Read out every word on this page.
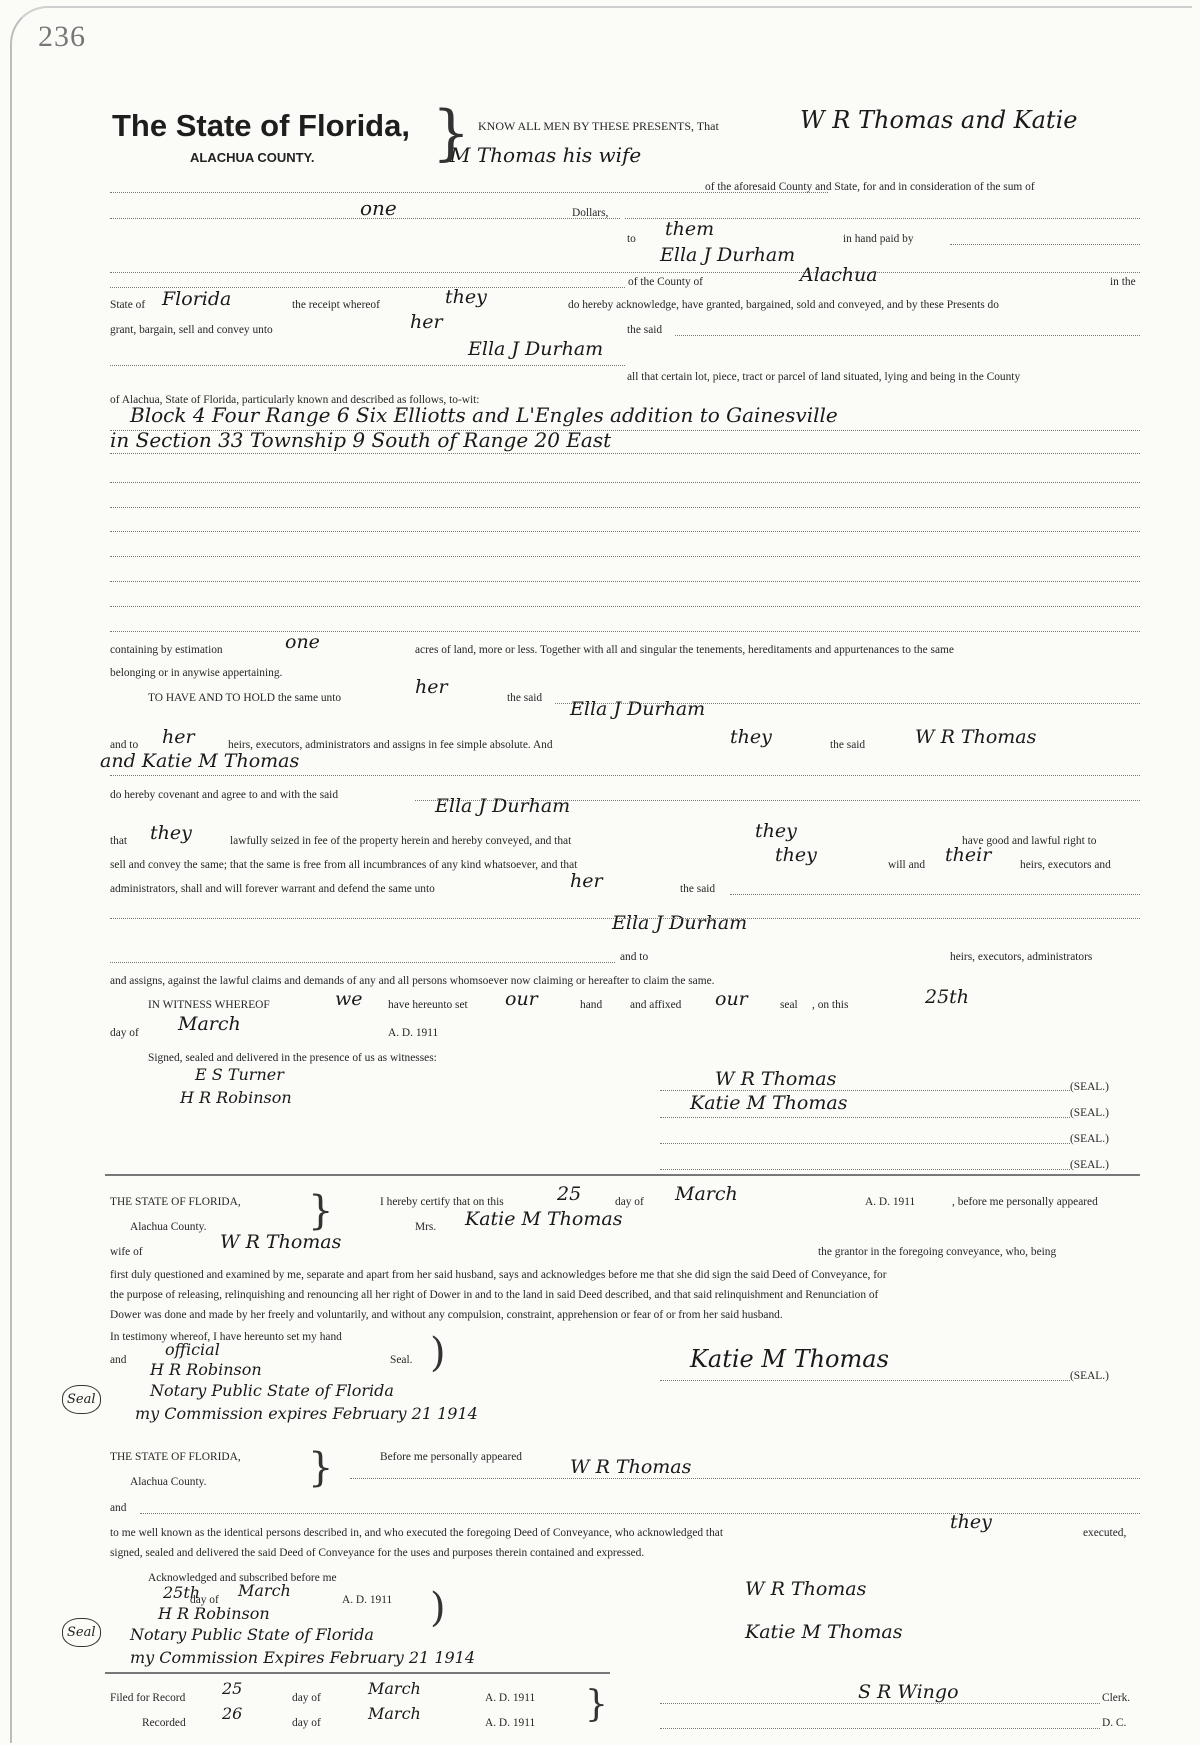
236
The State of Florida,
ALACHUA COUNTY. } KNOW ALL MEN BY THESE PRESENTS, That	W R Thomas and Katie
M Thomas his wife
of the aforesaid County and State, for and in consideration of the sum of
one	Dollars,
to them	in hand paid by
Ella J Durham
of the County of	Alachua	in the
State of Florida	the receipt whereof	they	do hereby acknowledge, have granted, bargained, sold and conveyed, and by these Presents do
grant, bargain, sell and convey unto	her	the said
Ella J Durham
all that certain lot, piece, tract or parcel of land situated, lying and being in the County
of Alachua, State of Florida, particularly known and described as follows, to-wit:
Block 4 Four Range 6 Six Elliotts and L'Engles addition to Gainesville
in Section 33 Township 9 South of Range 20 East
containing by estimation	one	acres of land, more or less. Together with all and singular the tenements, hereditaments and appurtenances to the same
belonging or in anywise appertaining.
TO HAVE AND TO HOLD the same unto	her	the said Ella J Durham
and to her	heirs, executors, administrators and assigns in fee simple absolute. And	they	the said	W R Thomas
and Katie M Thomas
do hereby covenant and agree to and with the said	Ella J Durham
that they	lawfully seized in fee of the property herein and hereby conveyed, and that	they	have good and lawful right to
sell and convey the same; that the same is free from all incumbrances of any kind whatsoever, and that	they	will and their	heirs, executors and
administrators, shall and will forever warrant and defend the same unto	her	the said
Ella J Durham
and to	heirs, executors, administrators
and assigns, against the lawful claims and demands of any and all persons whomsoever now claiming or hereafter to claim the same.
IN WITNESS WHEREOF	we have hereunto set our	hand and affixed our	seal , on this	25th
day of March	A. D. 1911
Signed, sealed and delivered in the presence of us as witnesses:
E S Turner
H R Robinson
W R Thomas
Katie M Thomas
(SEAL.)
(SEAL.)
(SEAL.)
(SEAL.)
THE STATE OF FLORIDA,
Alachua County.	}	I hereby certify that on this	25	day of March	A. D. 1911	, before me personally appeared
Mrs. Katie M Thomas
wife of	W R Thomas	the grantor in the foregoing conveyance, who, being
first duly questioned and examined by me, separate and apart from her said husband, says and acknowledges before me that she did sign the said Deed of Conveyance, for
the purpose of releasing, relinquishing and renouncing all her right of Dower in and to the land in said Deed described, and that said relinquishment and Renunciation of
Dower was done and made by her freely and voluntarily, and without any compulsion, constraint, apprehension or fear of or from her said husband.
In testimony whereof, I have hereunto set my hand
and
official
Seal. )
H R Robinson
Notary Public State of Florida
my Commission expires February 21 1914
Seal
Katie M Thomas
(SEAL.)
THE STATE OF FLORIDA,
Alachua County.	}	Before me personally appeared	W R Thomas
and
to me well known as the identical persons described in, and who executed the foregoing Deed of Conveyance, who acknowledged that	they	executed,
signed, sealed and delivered the said Deed of Conveyance for the uses and purposes therein contained and expressed.
Acknowledged and subscribed before me
25th
day of March	A. D. 1911
H R Robinson
Notary Public State of Florida
my Commission Expires February 21 1914
Seal
)	W R Thomas
Katie M Thomas
Filed for Record 25	day of	March	A. D. 1911
Recorded 26	day of	March	A. D. 1911 }	S R Wingo	Clerk.
D. C.
